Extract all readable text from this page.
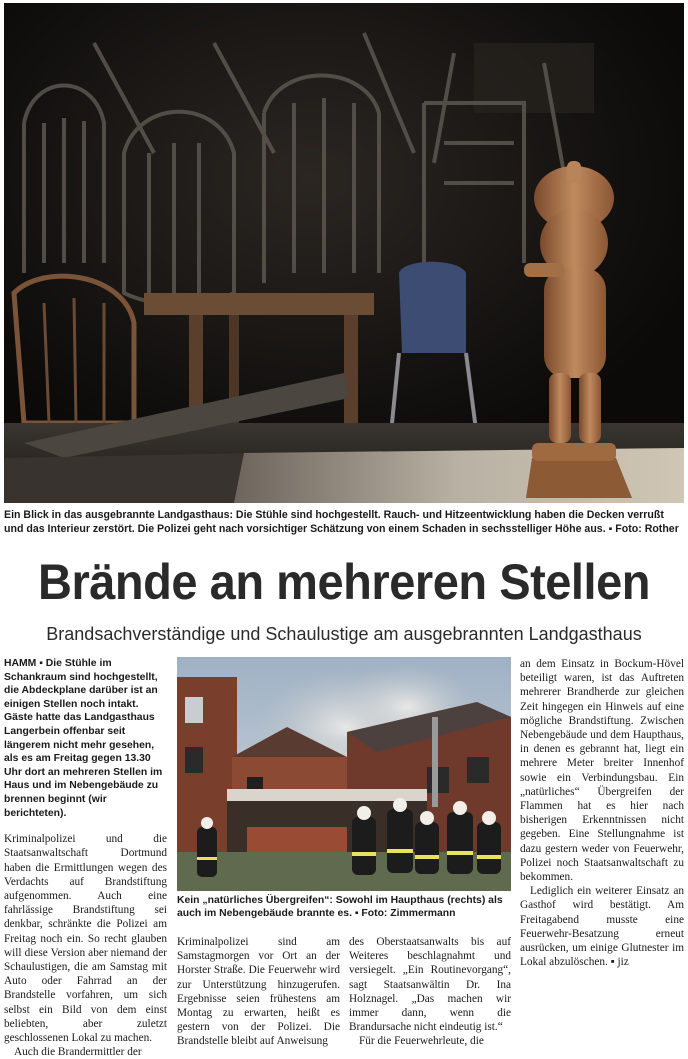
Ein Blick in das ausgebrannte Landgasthaus: Die Stühle sind hochgestellt. Rauch- und Hitzeentwicklung haben die Decken verrußt und das Interieur zerstört. Die Polizei geht nach vorsichtiger Schätzung von einem Schaden in sechsstelliger Höhe aus. ▪ Foto: Rother
Brände an mehreren Stellen
Brandsachverständige und Schaulustige am ausgebrannten Landgasthaus
HAMM ▪ Die Stühle im Schankraum sind hochgestellt, die Abdeckplane darüber ist an einigen Stellen noch intakt. Gäste hatte das Landgasthaus Langerbein offenbar seit längerem nicht mehr gesehen, als es am Freitag gegen 13.30 Uhr dort an mehreren Stellen im Haus und im Nebengebäude zu brennen beginnt (wir berichteten).

Kriminalpolizei und die Staatsanwaltschaft Dortmund haben die Ermittlungen wegen des Verdachts auf Brandstiftung aufgenommen. Auch eine fahrlässige Brandstiftung sei denkbar, schränkte die Polizei am Freitag noch ein. So recht glauben will diese Version aber niemand der Schaulustigen, die am Samstag mit Auto oder Fahrrad an der Brandstelle vorfahren, um sich selbst ein Bild von dem einst beliebten, aber zuletzt geschlossenen Lokal zu machen.

Auch die Brandermittler der

Kein „natürliches Übergreifen“: Sowohl im Haupthaus (rechts) als auch im Nebengebäude brannte es. ▪ Foto: Zimmermann

Kriminalpolizei sind am Samstagmorgen vor Ort an der Horster Straße. Die Feuerwehr wird zur Unterstützung hinzugerufen. Ergebnisse seien frühestens am Montag zu erwarten, heißt es gestern von der Polizei. Die Brandstelle bleibt auf Anweisung

des Oberstaatsanwalts bis auf Weiteres beschlagnahmt und versiegelt. „Ein Routinevorgang“, sagt Staatsanwältin Dr. Ina Holznagel. „Das machen wir immer dann, wenn die Brandursache nicht eindeutig ist.“

Für die Feuerwehrleute, die

an dem Einsatz in Bockum-Hövel beteiligt waren, ist das Auftreten mehrerer Brandherde zur gleichen Zeit hingegen ein Hinweis auf eine mögliche Brandstiftung. Zwischen Nebengebäude und dem Haupthaus, in denen es gebrannt hat, liegt ein mehrere Meter breiter Innenhof sowie ein Verbindungsbau. Ein „natürliches“ Übergreifen der Flammen hat es hier nach bisherigen Erkenntnissen nicht gegeben. Eine Stellungnahme ist dazu gestern weder von Feuerwehr, Polizei noch Staatsanwaltschaft zu bekommen.

Lediglich ein weiterer Einsatz an Gasthof wird bestätigt. Am Freitagabend musste eine Feuerwehr-Besatzung erneut ausrücken, um einige Glutnester im Lokal abzulöschen. ▪ jiz
